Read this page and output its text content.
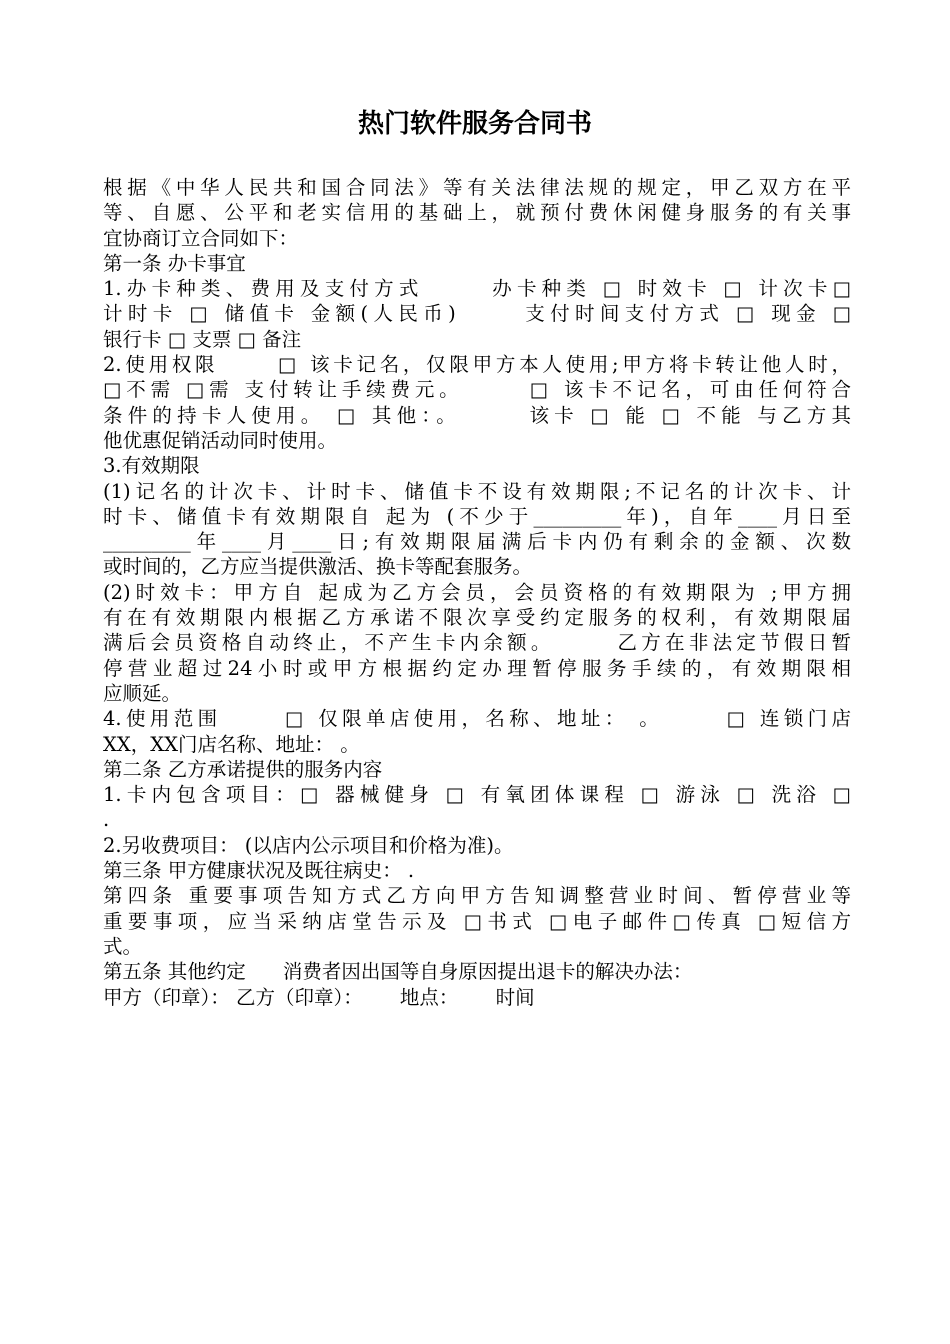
热门软件服务合同书
根据《中华人民共和国合同法》等有关法律法规的规定，甲乙双方在平
等、自愿、公平和老实信用的基础上，就预付费休闲健身服务的有关事
宜协商订立合同如下：
第一条 办卡事宜
1.办卡种类、费用及支付方式      办卡种类 □ 时效卡 □ 计次卡□
计时卡 □ 储值卡 金额(人民币)      支付时间支付方式 □ 现金 □
银行卡 □ 支票 □ 备注
2.使用权限      □ 该卡记名，仅限甲方本人使用;甲方将卡转让他人时，
□不需 □需 支付转让手续费元。      □ 该卡不记名，可由任何符合
条件的持卡人使用。 □ 其他：。      该卡 □ 能 □ 不能 与乙方其
他优惠促销活动同时使用。
3.有效期限
(1)记名的计次卡、计时卡、储值卡不设有效期限;不记名的计次卡、计
时卡、储值卡有效期限自 起为 (不少于_________年)，自年____月日至
_________年____月____日;有效期限届满后卡内仍有剩余的金额、次数
或时间的，乙方应当提供激活、换卡等配套服务。
(2)时效卡：甲方自 起成为乙方会员，会员资格的有效期限为 ;甲方拥
有在有效期限内根据乙方承诺不限次享受约定服务的权利，有效期限届
满后会员资格自动终止，不产生卡内余额。      乙方在非法定节假日暂
停营业超过24小时或甲方根据约定办理暂停服务手续的，有效期限相
应顺延。
4.使用范围      □ 仅限单店使用，名称、地址： 。      □ 连锁门店
XX，XX门店名称、地址： 。
第二条 乙方承诺提供的服务内容
1.卡内包含项目：□ 器械健身 □ 有氧团体课程 □ 游泳 □ 洗浴 □
.
2.另收费项目： (以店内公示项目和价格为准)。
第三条 甲方健康状况及既往病史： .
第四条 重要事项告知方式乙方向甲方告知调整营业时间、暂停营业等
重要事项，应当采纳店堂告示及 □书式 □电子邮件□传真 □短信方
式。
第五条 其他约定      消费者因出国等自身原因提出退卡的解决办法：
甲方（印章）： 乙方（印章）：      地点：      时间
